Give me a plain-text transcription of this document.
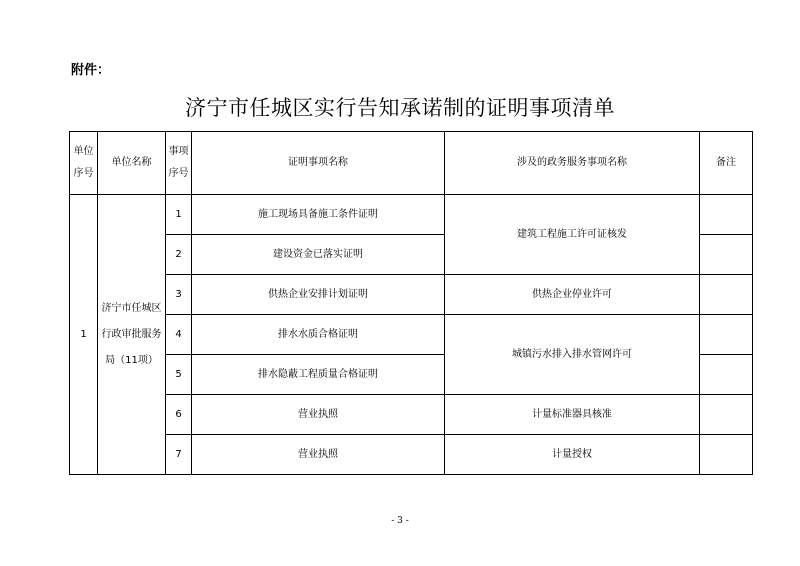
附件：
济宁市任城区实行告知承诺制的证明事项清单
单位序号	单位名称	事项序号	证明事项名称	涉及的政务服务事项名称	备注
1	济宁市任城区行政审批服务局（11项）	1	施工现场具备施工条件证明	建筑工程施工许可证核发	
		2	建设资金已落实证明		
		3	供热企业安排计划证明	供热企业停业许可	
		4	排水水质合格证明	城镇污水排入排水管网许可	
		5	排水隐蔽工程质量合格证明		
		6	营业执照	计量标准器具核准	
		7	营业执照	计量授权	
- 3 -
